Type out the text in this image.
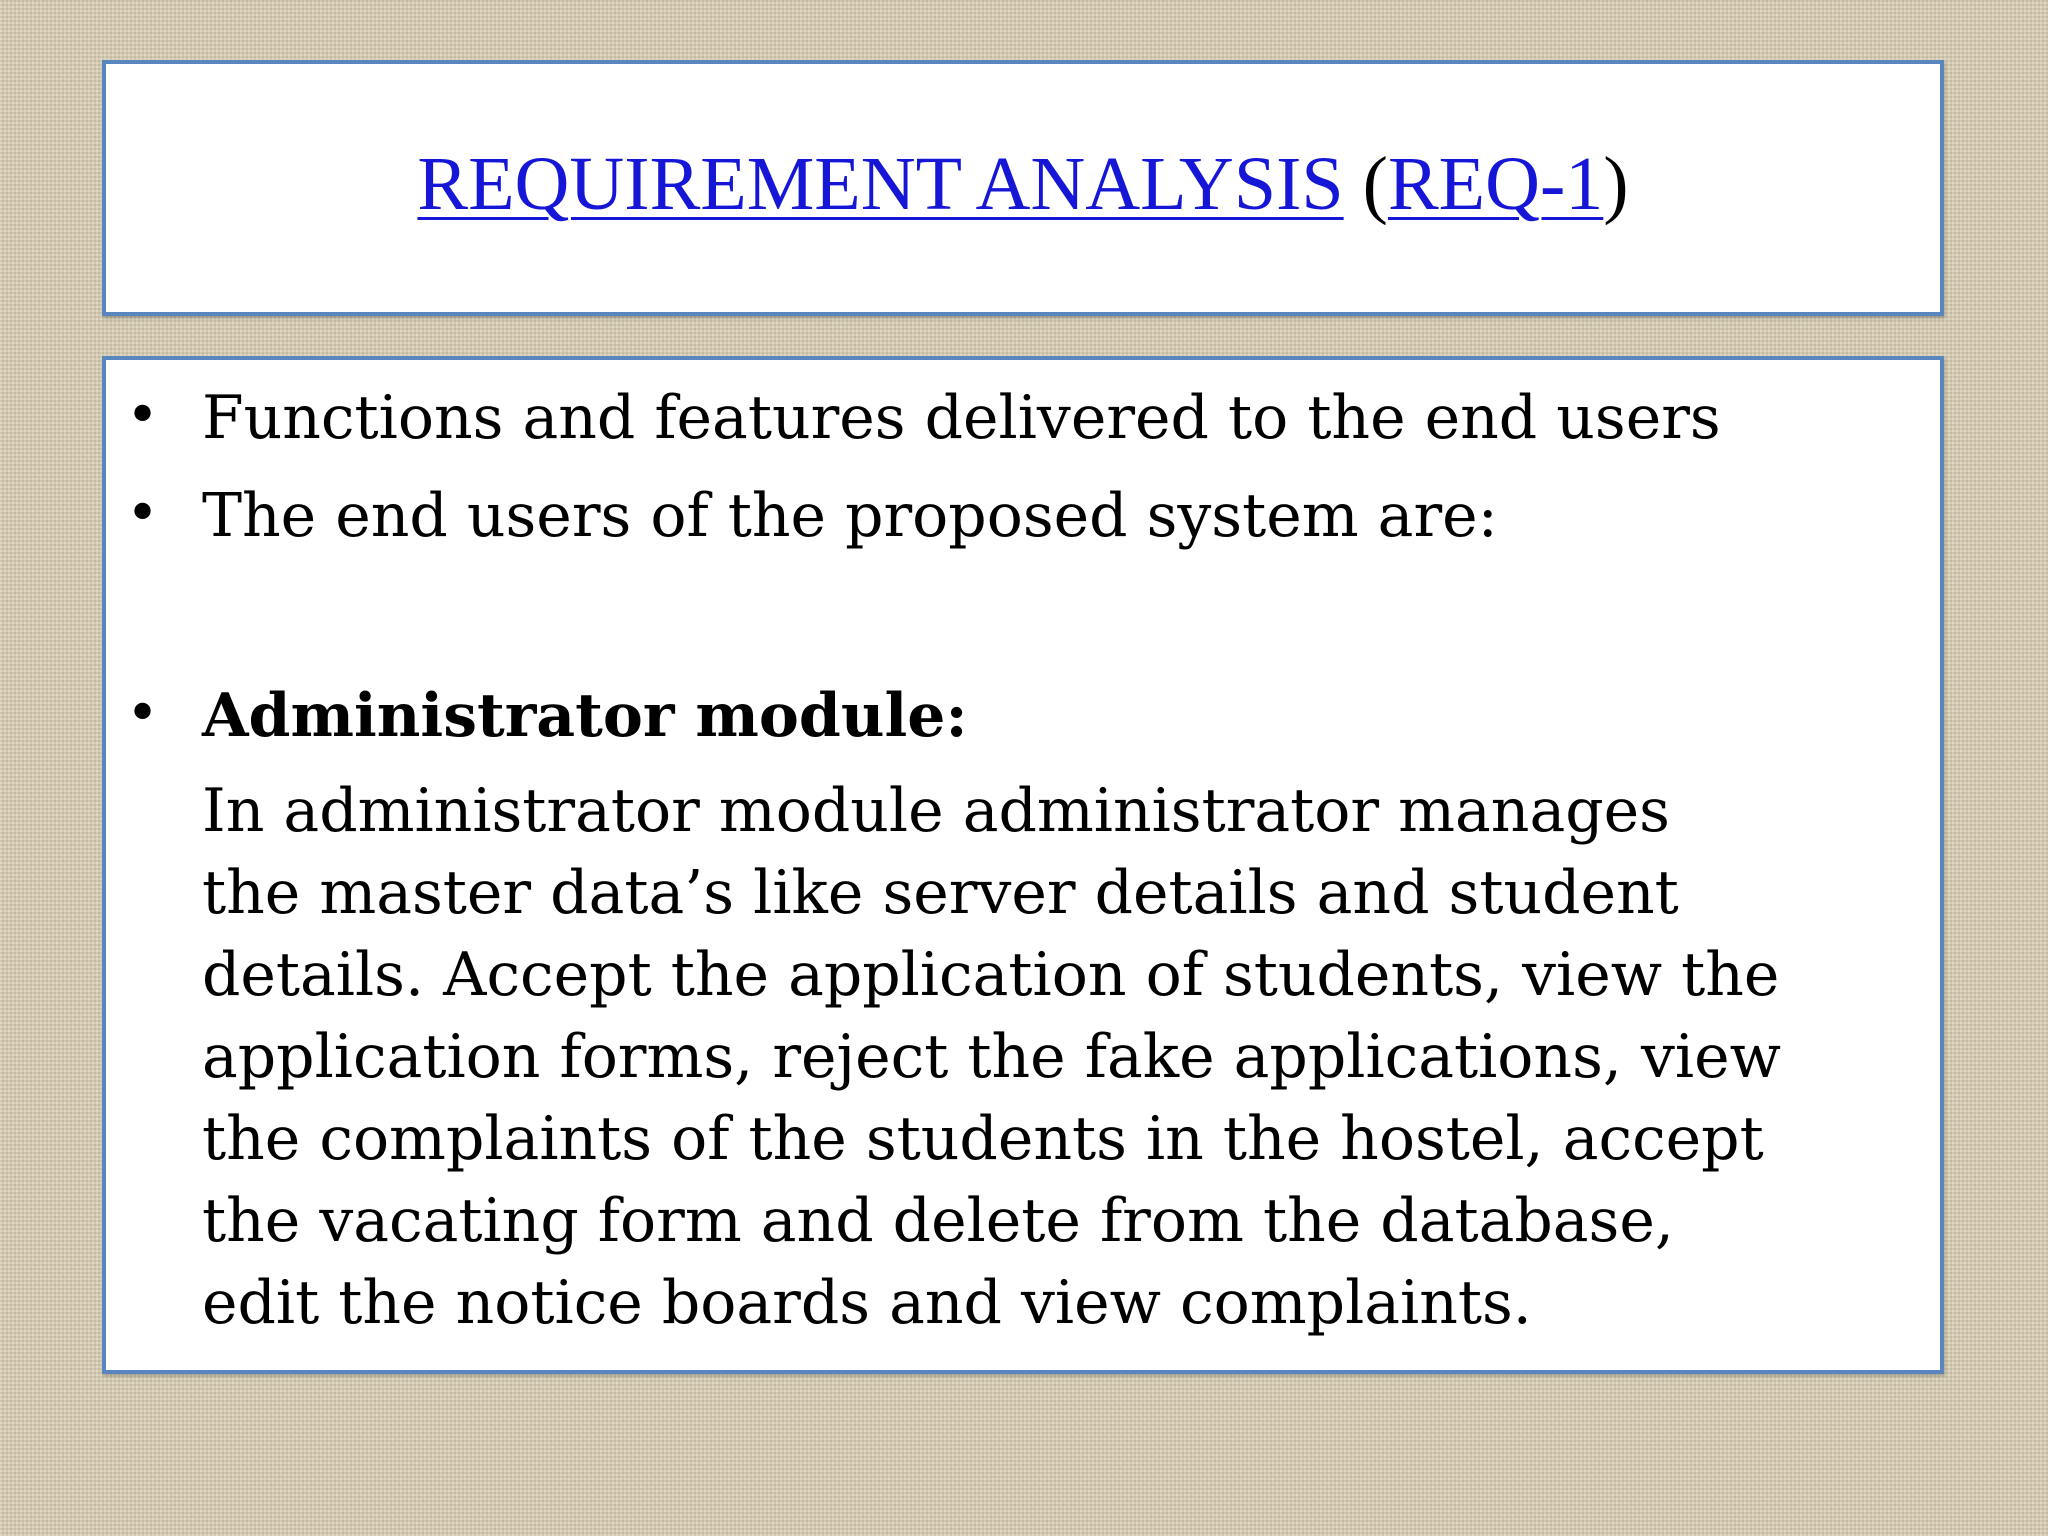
REQUIREMENT ANALYSIS (REQ-1)
• Functions and features delivered to the end users
• The end users of the proposed system are:
• Administrator module:

In administrator module administrator manages
the master data’s like server details and student
details. Accept the application of students, view the
application forms, reject the fake applications, view
the complaints of the students in the hostel, accept
the vacating form and delete from the database,
edit the notice boards and view complaints.
